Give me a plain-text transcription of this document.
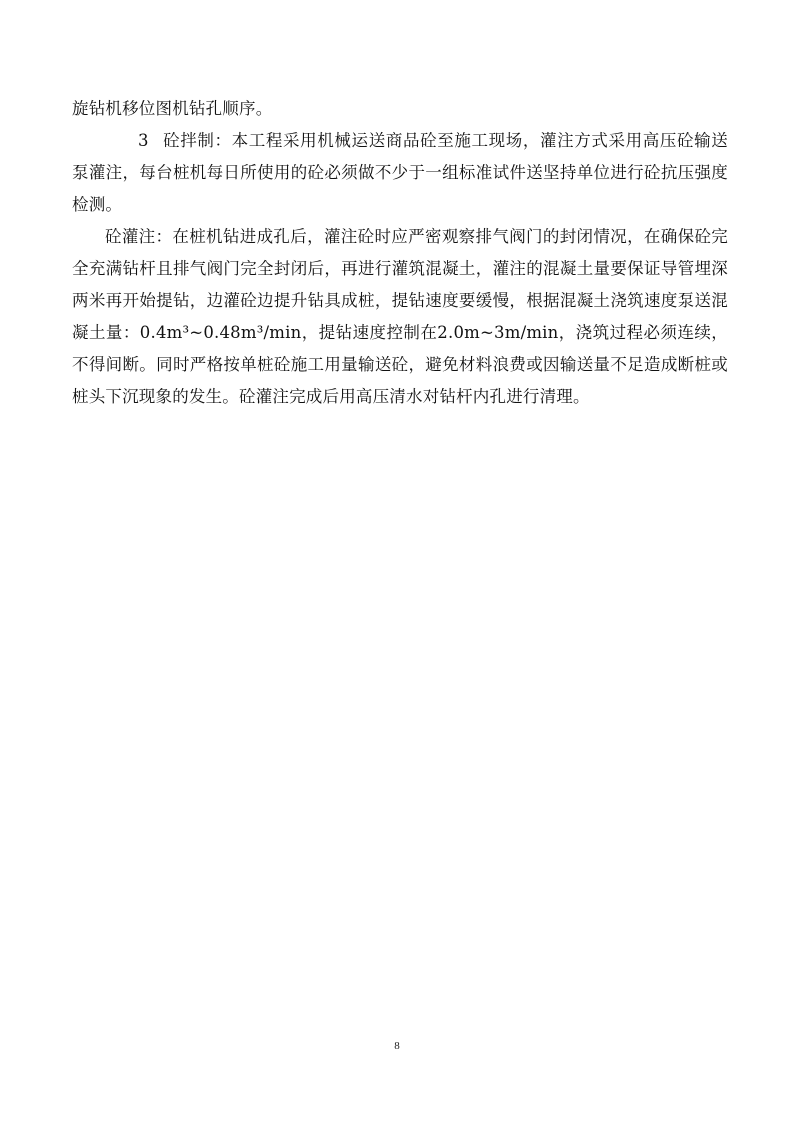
旋钻机移位图机钻孔顺序。

3 砼拌制：本工程采用机械运送商品砼至施工现场，灌注方式采用高压砼输送泵灌注，每台桩机每日所使用的砼必须做不少于一组标准试件送坚持单位进行砼抗压强度检测。

砼灌注：在桩机钻进成孔后，灌注砼时应严密观察排气阀门的封闭情况，在确保砼完全充满钻杆且排气阀门完全封闭后，再进行灌筑混凝土，灌注的混凝土量要保证导管埋深两米再开始提钻，边灌砼边提升钻具成桩，提钻速度要缓慢，根据混凝土浇筑速度泵送混凝土量：0.4m³~0.48m³/min，提钻速度控制在2.0m~3m/min，浇筑过程必须连续，不得间断。同时严格按单桩砼施工用量输送砼，避免材料浪费或因输送量不足造成断桩或桩头下沉现象的发生。砼灌注完成后用高压清水对钻杆内孔进行清理。

8
